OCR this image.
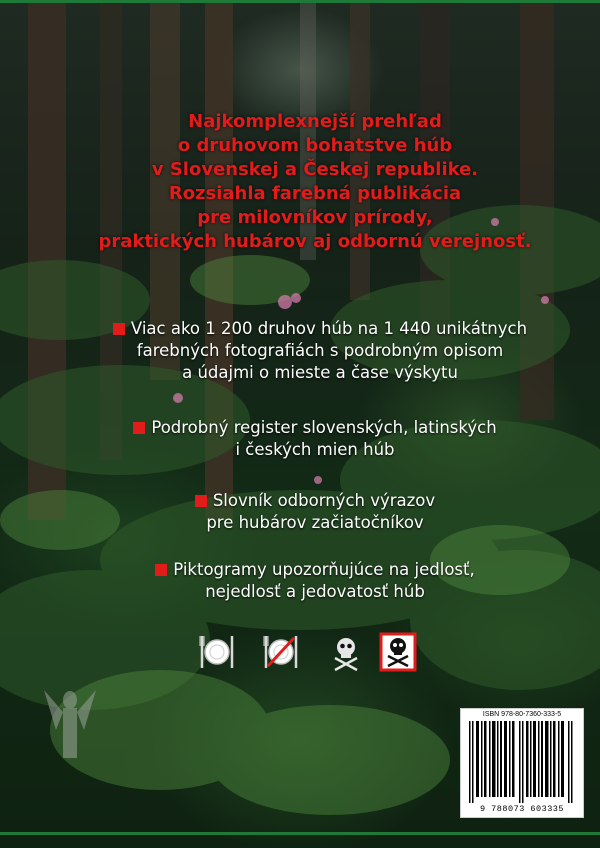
Najkomplexnejší prehľad
o druhovom bohatstve húb
v Slovenskej a Českej republike.
Rozsiahla farebná publikácia
pre milovníkov prírody,
praktických hubárov aj odbornú verejnosť.
Viac ako 1 200 druhov húb na 1 440 unikátnych
farebných fotografiách s podrobným opisom
a údajmi o mieste a čase výskytu
Podrobný register slovenských, latinských
i českých mien húb
Slovník odborných výrazov
pre hubárov začiatočníkov
Piktogramy upozorňujúce na jedlosť,
nejedlosť a jedovatosť húb
ISBN 978-80-7360-333-5
9 788073 603335
